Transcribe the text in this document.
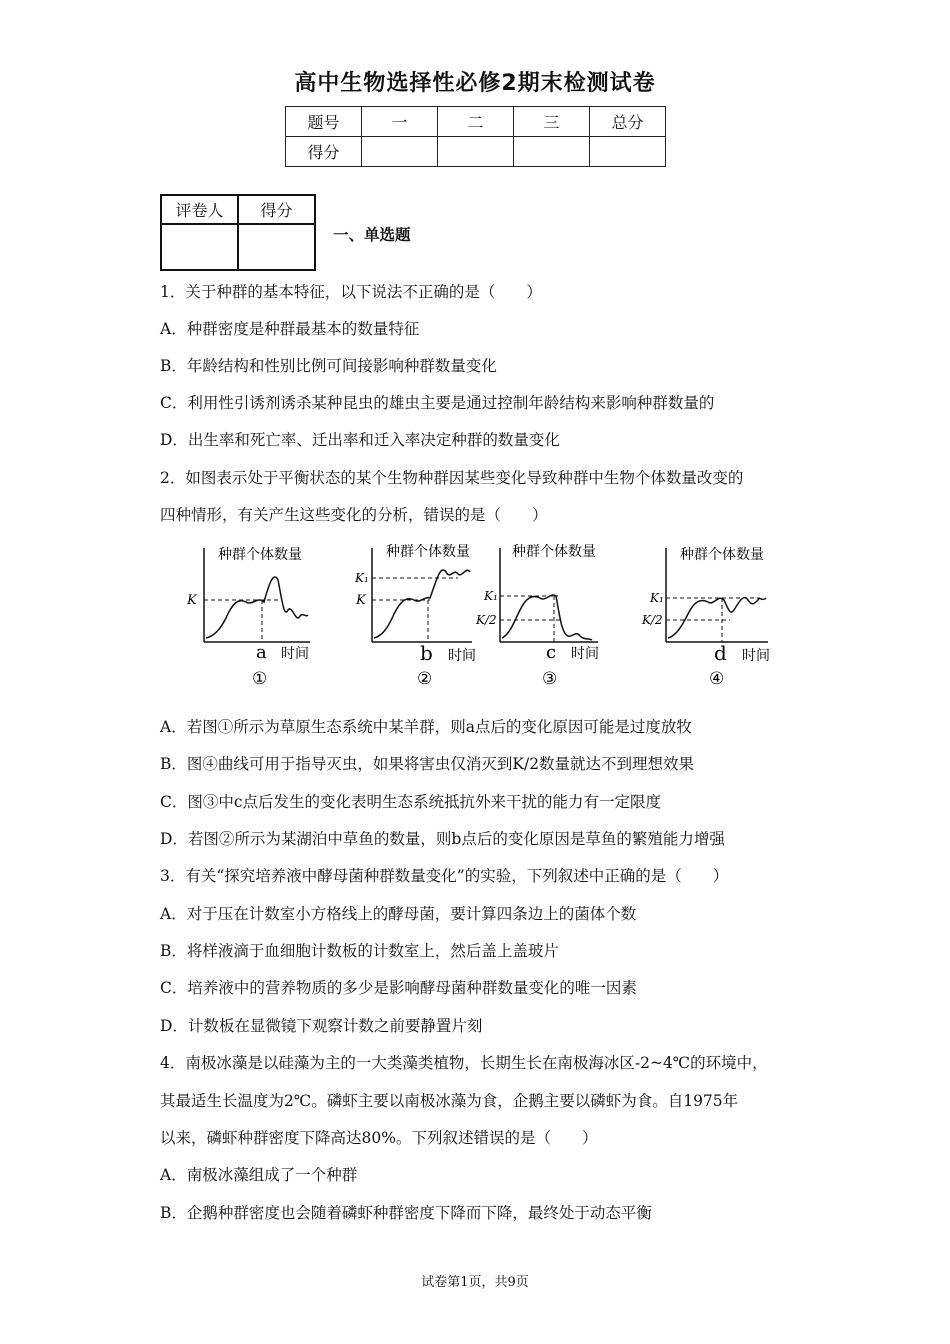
高中生物选择性必修2期末检测试卷
题号	一	二	三	总分
得分				
评卷人	得分

一、单选题
1．关于种群的基本特征，以下说法不正确的是（　　）
A．种群密度是种群最基本的数量特征
B．年龄结构和性别比例可间接影响种群数量变化
C．利用性引诱剂诱杀某种昆虫的雄虫主要是通过控制年龄结构来影响种群数量的
D．出生率和死亡率、迁出率和迁入率决定种群的数量变化
2．如图表示处于平衡状态的某个生物种群因某些变化导致种群中生物个体数量改变的
四种情形，有关产生这些变化的分析，错误的是（　　）
种群个体数量
K
a 时间
①
种群个体数量
K₁
K
b 时间
②
种群个体数量
K₁
K/2
c 时间
③
种群个体数量
K₁
K/2
d 时间
④
A．若图①所示为草原生态系统中某羊群，则a点后的变化原因可能是过度放牧
B．图④曲线可用于指导灭虫，如果将害虫仅消灭到K/2数量就达不到理想效果
C．图③中c点后发生的变化表明生态系统抵抗外来干扰的能力有一定限度
D．若图②所示为某湖泊中草鱼的数量，则b点后的变化原因是草鱼的繁殖能力增强
3．有关“探究培养液中酵母菌种群数量变化”的实验，下列叙述中正确的是（　　）
A．对于压在计数室小方格线上的酵母菌，要计算四条边上的菌体个数
B．将样液滴于血细胞计数板的计数室上，然后盖上盖玻片
C．培养液中的营养物质的多少是影响酵母菌种群数量变化的唯一因素
D．计数板在显微镜下观察计数之前要静置片刻
4．南极冰藻是以硅藻为主的一大类藻类植物，长期生长在南极海冰区-2~4℃的环境中，
其最适生长温度为2℃。磷虾主要以南极冰藻为食，企鹅主要以磷虾为食。自1975年
以来，磷虾种群密度下降高达80%。下列叙述错误的是（　　）
A．南极冰藻组成了一个种群
B．企鹅种群密度也会随着磷虾种群密度下降而下降，最终处于动态平衡
试卷第1页，共9页
